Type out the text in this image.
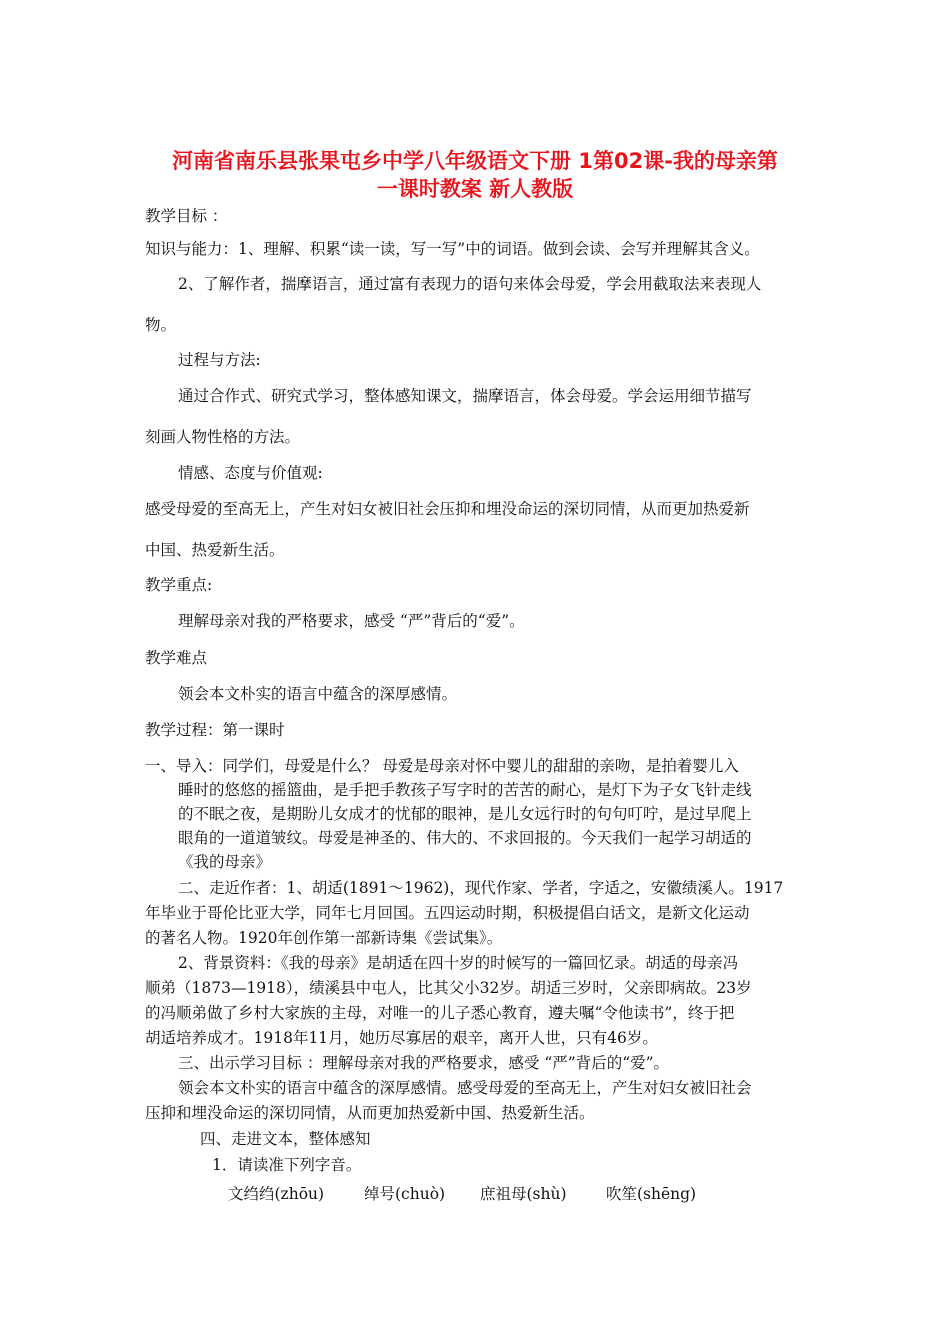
河南省南乐县张果屯乡中学八年级语文下册 1第02课-我的母亲第
一课时教案 新人教版
教学目标 ：
知识与能力：1、理解、积累“读一读，写一写”中的词语。做到会读、会写并理解其含义。
2、了解作者，揣摩语言，通过富有表现力的语句来体会母爱，学会用截取法来表现人
物。
过程与方法:
通过合作式、研究式学习，整体感知课文，揣摩语言，体会母爱。学会运用细节描写
刻画人物性格的方法。
情感、态度与价值观:
感受母爱的至高无上，产生对妇女被旧社会压抑和埋没命运的深切同情，从而更加热爱新
中国、热爱新生活。
教学重点:
理解母亲对我的严格要求，感受 “严”背后的“爱”。
教学难点
领会本文朴实的语言中蕴含的深厚感情。
教学过程：第一课时
一、导入：同学们，母爱是什么？ 母爱是母亲对怀中婴儿的甜甜的亲吻，是拍着婴儿入
睡时的悠悠的摇篮曲，是手把手教孩子写字时的苦苦的耐心，是灯下为子女飞针走线
的不眠之夜，是期盼儿女成才的忧郁的眼神，是儿女远行时的句句叮咛，是过早爬上
眼角的一道道皱纹。母爱是神圣的、伟大的、不求回报的。今天我们一起学习胡适的
《我的母亲》
二、走近作者：1、胡适(1891～1962)，现代作家、学者，字适之，安徽绩溪人。1917
年毕业于哥伦比亚大学，同年七月回国。五四运动时期，积极提倡白话文，是新文化运动
的著名人物。1920年创作第一部新诗集《尝试集》。
2、背景资料：《我的母亲》是胡适在四十岁的时候写的一篇回忆录。胡适的母亲冯
顺弟（1873—1918），绩溪县中屯人，比其父小32岁。胡适三岁时，父亲即病故。23岁
的冯顺弟做了乡村大家族的主母，对唯一的儿子悉心教育，遵夫嘱“令他读书”，终于把
胡适培养成才。1918年11月，她历尽寡居的艰辛，离开人世，只有46岁。
三、出示学习目标 ：理解母亲对我的严格要求，感受 “严”背后的“爱”。
领会本文朴实的语言中蕴含的深厚感情。感受母爱的至高无上，产生对妇女被旧社会
压抑和埋没命运的深切同情，从而更加热爱新中国、热爱新生活。
四、走进文本，整体感知
1．请读准下列字音。
文绉绉(zhōu)	绰号(chuò) 庶祖母(shù)	吹笙(shēng)
